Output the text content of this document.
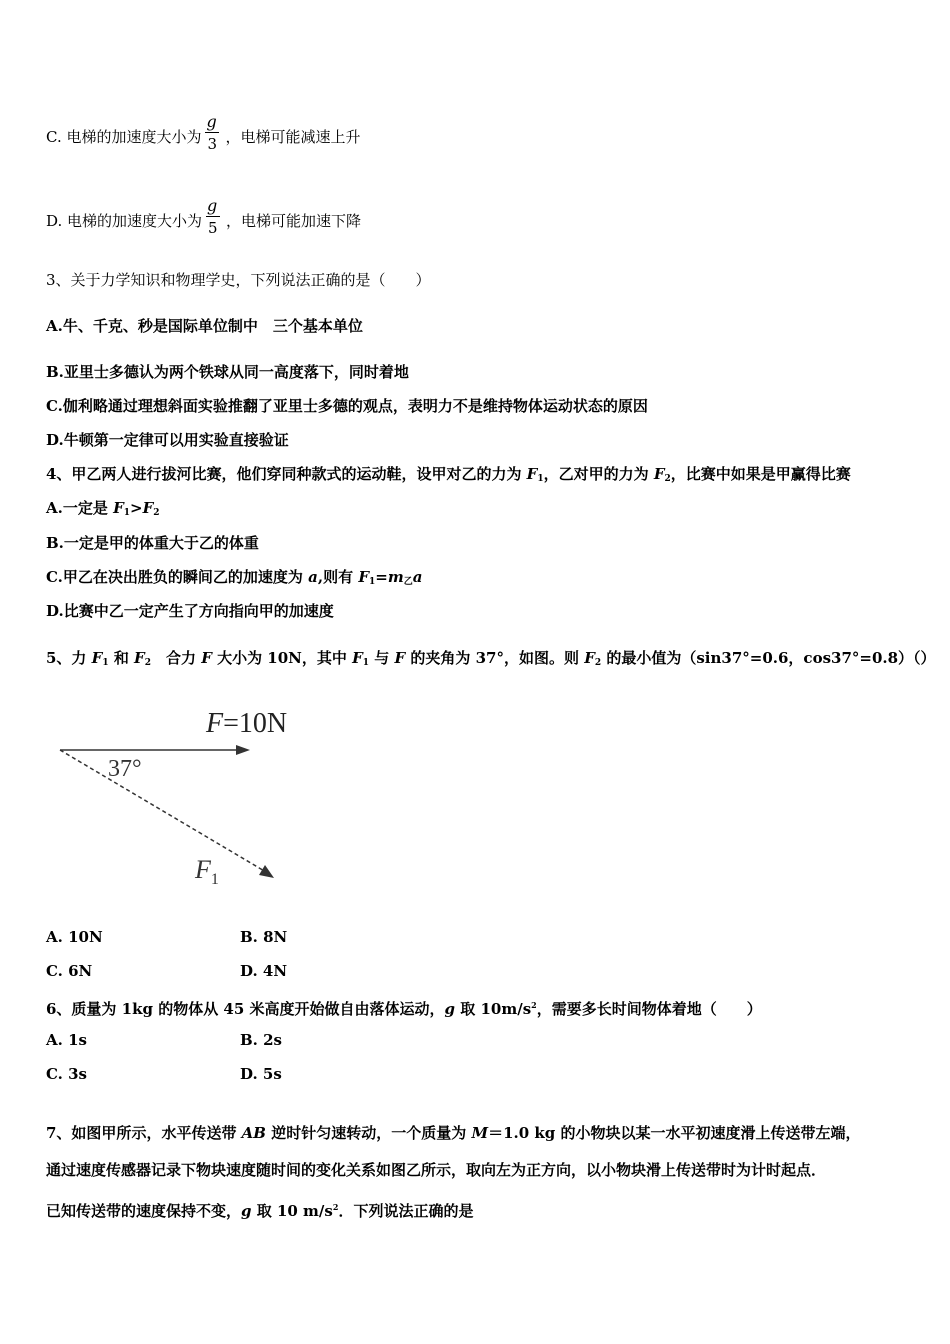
C. 电梯的加速度大小为
$\frac{g}{3}$
，电梯可能减速上升
D. 电梯的加速度大小为
$\frac{g}{5}$
，电梯可能加速下降
3、关于力学知识和物理学史，下列说法正确的是（　　）
A.牛、千克、秒是国际单位制中　三个基本单位
B.亚里士多德认为两个铁球从同一高度落下，同时着地
C.伽利略通过理想斜面实验推翻了亚里士多德的观点，表明力不是维持物体运动状态的原因
D.牛顿第一定律可以用实验直接验证
4、甲乙两人进行拔河比赛，他们穿同种款式的运动鞋，设甲对乙的力为 $F_1$，乙对甲的力为 $F_2$，比赛中如果是甲赢得比赛
A.一定是 $F_1>F_2$
B.一定是甲的体重大于乙的体重
C.甲乙在决出胜负的瞬间乙的加速度为 a,则有 $F_1=m_乙a$
D.比赛中乙一定产生了方向指向甲的加速度
5、力 $F_1$ 和 $F_2$　合力 F 大小为 10N，其中 $F_1$ 与 F 的夹角为 37°，如图。则 $F_2$ 的最小值为（sin37°=0.6，cos37°=0.8）（）
F=10N
37°
$F_1$
A. 10N	B. 8N
C. 6N	D. 4N
6、质量为 1kg 的物体从 45 米高度开始做自由落体运动，g 取 $10m/s^2$，需要多长时间物体着地（　　）
A. 1s	B. 2s
C. 3s	D. 5s
7、如图甲所示，水平传送带 AB 逆时针匀速转动，一个质量为 M＝1.0 kg 的小物块以某一水平初速度滑上传送带左端，
通过速度传感器记录下物块速度随时间的变化关系如图乙所示，取向左为正方向，以小物块滑上传送带时为计时起点．
已知传送带的速度保持不变，g 取 10 $m/s^2$．下列说法正确的是
